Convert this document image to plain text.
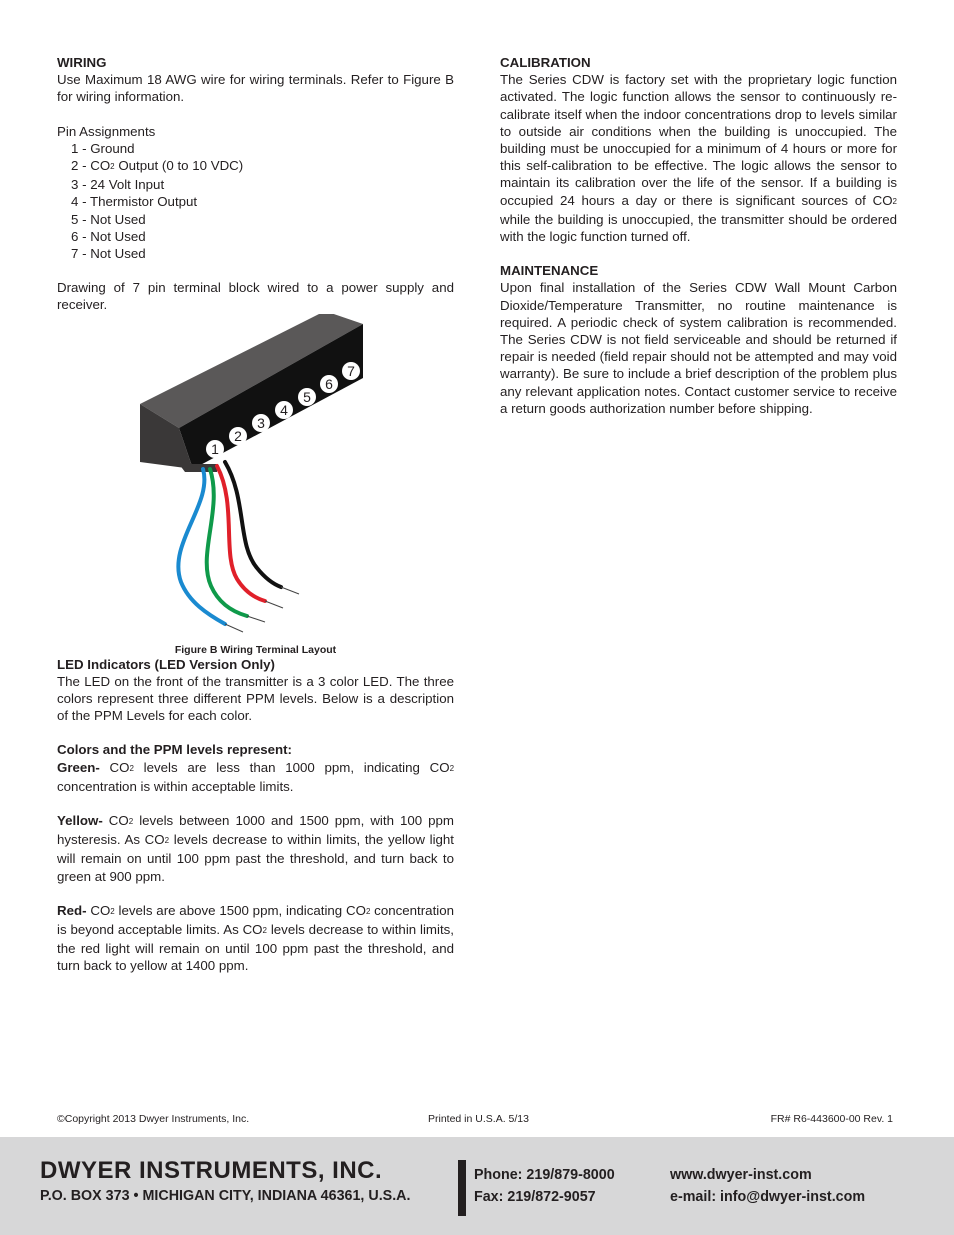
WIRING
Use Maximum 18 AWG wire for wiring terminals. Refer to Figure B for wiring information.
Pin Assignments
1 - Ground
$2 - CO_2$ Output (0 to 10 VDC)
3 - 24 Volt Input
4 - Thermistor Output
5 - Not Used
6 - Not Used
7 - Not Used
Drawing of 7 pin terminal block wired to a power supply and receiver.
1
2
3
4
5
6
7
Figure B Wiring Terminal Layout
LED Indicators (LED Version Only)
The LED on the front of the transmitter is a 3 color LED. The three colors represent three different PPM levels. Below is a description of the PPM Levels for each color.
Colors and the PPM levels represent:
Green- $CO_2$ levels are less than 1000 ppm, indicating $CO_2$ concentration is within acceptable limits.
Yellow- $CO_2$ levels between 1000 and 1500 ppm, with 100 ppm hysteresis. As $CO_2$ levels decrease to within limits, the yellow light will remain on until 100 ppm past the threshold, and turn back to green at 900 ppm.
Red- $CO_2$ levels are above 1500 ppm, indicating $CO_2$ concentration is beyond acceptable limits. As $CO_2$ levels decrease to within limits, the red light will remain on until 100 ppm past the threshold, and turn back to yellow at 1400 ppm.
CALIBRATION
The Series CDW is factory set with the proprietary logic function activated. The logic function allows the sensor to continuously re-calibrate itself when the indoor concentrations drop to levels similar to outside air conditions when the building is unoccupied. The building must be unoccupied for a minimum of 4 hours or more for this self-calibration to be effective. The logic allows the sensor to maintain its calibration over the life of the sensor. If a building is occupied 24 hours a day or there is significant sources of $CO_2$ while the building is unoccupied, the transmitter should be ordered with the logic function turned off.
MAINTENANCE
Upon final installation of the Series CDW Wall Mount Carbon Dioxide/Temperature Transmitter, no routine maintenance is required. A periodic check of system calibration is recommended. The Series CDW is not field serviceable and should be returned if repair is needed (field repair should not be attempted and may void warranty). Be sure to include a brief description of the problem plus any relevant application notes. Contact customer service to receive a return goods authorization number before shipping.
©Copyright 2013 Dwyer Instruments, Inc.	Printed in U.S.A. 5/13	FR# R6-443600-00 Rev. 1
DWYER INSTRUMENTS, INC.
P.O. BOX 373 • MICHIGAN CITY, INDIANA 46361, U.S.A.
Phone: 219/879-8000
Fax: 219/872-9057
www.dwyer-inst.com
e-mail: info@dwyer-inst.com
